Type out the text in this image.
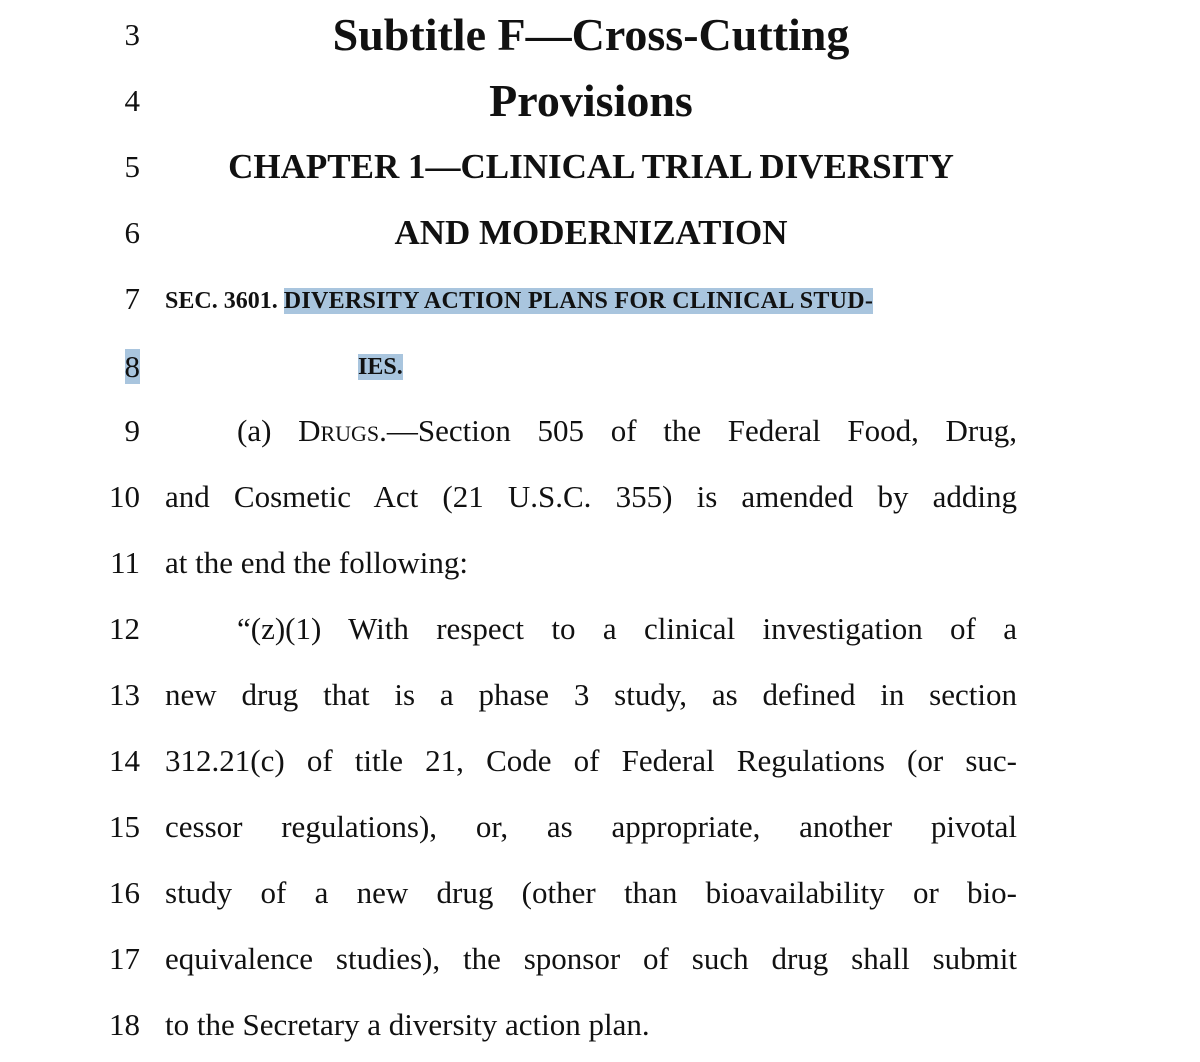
3
4
5
6
7
8
9
10
11
12
13
14
15
16
17
18
Subtitle F—Cross-Cutting
Provisions
CHAPTER 1—CLINICAL TRIAL DIVERSITY
AND MODERNIZATION
SEC. 3601. DIVERSITY ACTION PLANS FOR CLINICAL STUD-
IES.
(a) Drugs.—Section 505 of the Federal Food, Drug,
and Cosmetic Act (21 U.S.C. 355) is amended by adding
at the end the following:
“(z)(1) With respect to a clinical investigation of a
new drug that is a phase 3 study, as defined in section
312.21(c) of title 21, Code of Federal Regulations (or suc-
cessor regulations), or, as appropriate, another pivotal
study of a new drug (other than bioavailability or bio-
equivalence studies), the sponsor of such drug shall submit
to the Secretary a diversity action plan.
